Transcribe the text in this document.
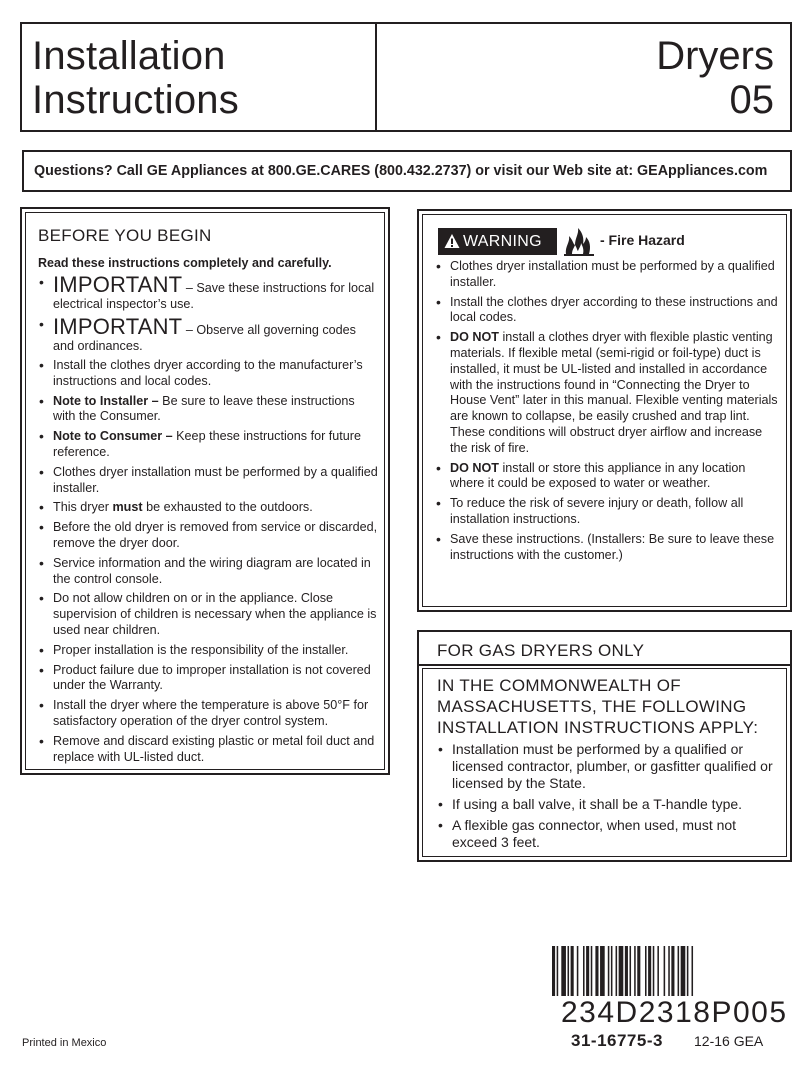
Installation
Instructions
Dryers
05
Questions? Call GE Appliances at 800.GE.CARES (800.432.2737) or visit our Web site at: GEAppliances.com
BEFORE YOU BEGIN
Read these instructions completely and carefully.
• IMPORTANT – Save these instructions for local electrical inspector’s use.
• IMPORTANT – Observe all governing codes and ordinances.
• Install the clothes dryer according to the manufacturer’s instructions and local codes.
• Note to Installer – Be sure to leave these instructions with the Consumer.
• Note to Consumer – Keep these instructions for future reference.
• Clothes dryer installation must be performed by a qualified installer.
• This dryer must be exhausted to the outdoors.
• Before the old dryer is removed from service or discarded, remove the dryer door.
• Service information and the wiring diagram are located in the control console.
• Do not allow children on or in the appliance. Close supervision of children is necessary when the appliance is used near children.
• Proper installation is the responsibility of the installer.
• Product failure due to improper installation is not covered under the Warranty.
• Install the dryer where the temperature is above 50°F for satisfactory operation of the dryer control system.
• Remove and discard existing plastic or metal foil duct and replace with UL-listed duct.
WARNING	- Fire Hazard
• Clothes dryer installation must be performed by a qualified installer.
• Install the clothes dryer according to these instructions and local codes.
• DO NOT install a clothes dryer with flexible plastic venting materials. If flexible metal (semi-rigid or foil-type) duct is installed, it must be UL-listed and installed in accordance with the instructions found in “Connecting the Dryer to House Vent” later in this manual. Flexible venting materials are known to collapse, be easily crushed and trap lint. These conditions will obstruct dryer airflow and increase the risk of fire.
• DO NOT install or store this appliance in any location where it could be exposed to water or weather.
• To reduce the risk of severe injury or death, follow all installation instructions.
• Save these instructions. (Installers: Be sure to leave these instructions with the customer.)
FOR GAS DRYERS ONLY
IN THE COMMONWEALTH OF
MASSACHUSETTS, THE FOLLOWING
INSTALLATION INSTRUCTIONS APPLY:
• Installation must be performed by a qualified or licensed contractor, plumber, or gasfitter qualified or licensed by the State.
• If using a ball valve, it shall be a T-handle type.
• A flexible gas connector, when used, must not exceed 3 feet.
Printed in Mexico
234D2318P005
31-16775-3 12-16 GEA
